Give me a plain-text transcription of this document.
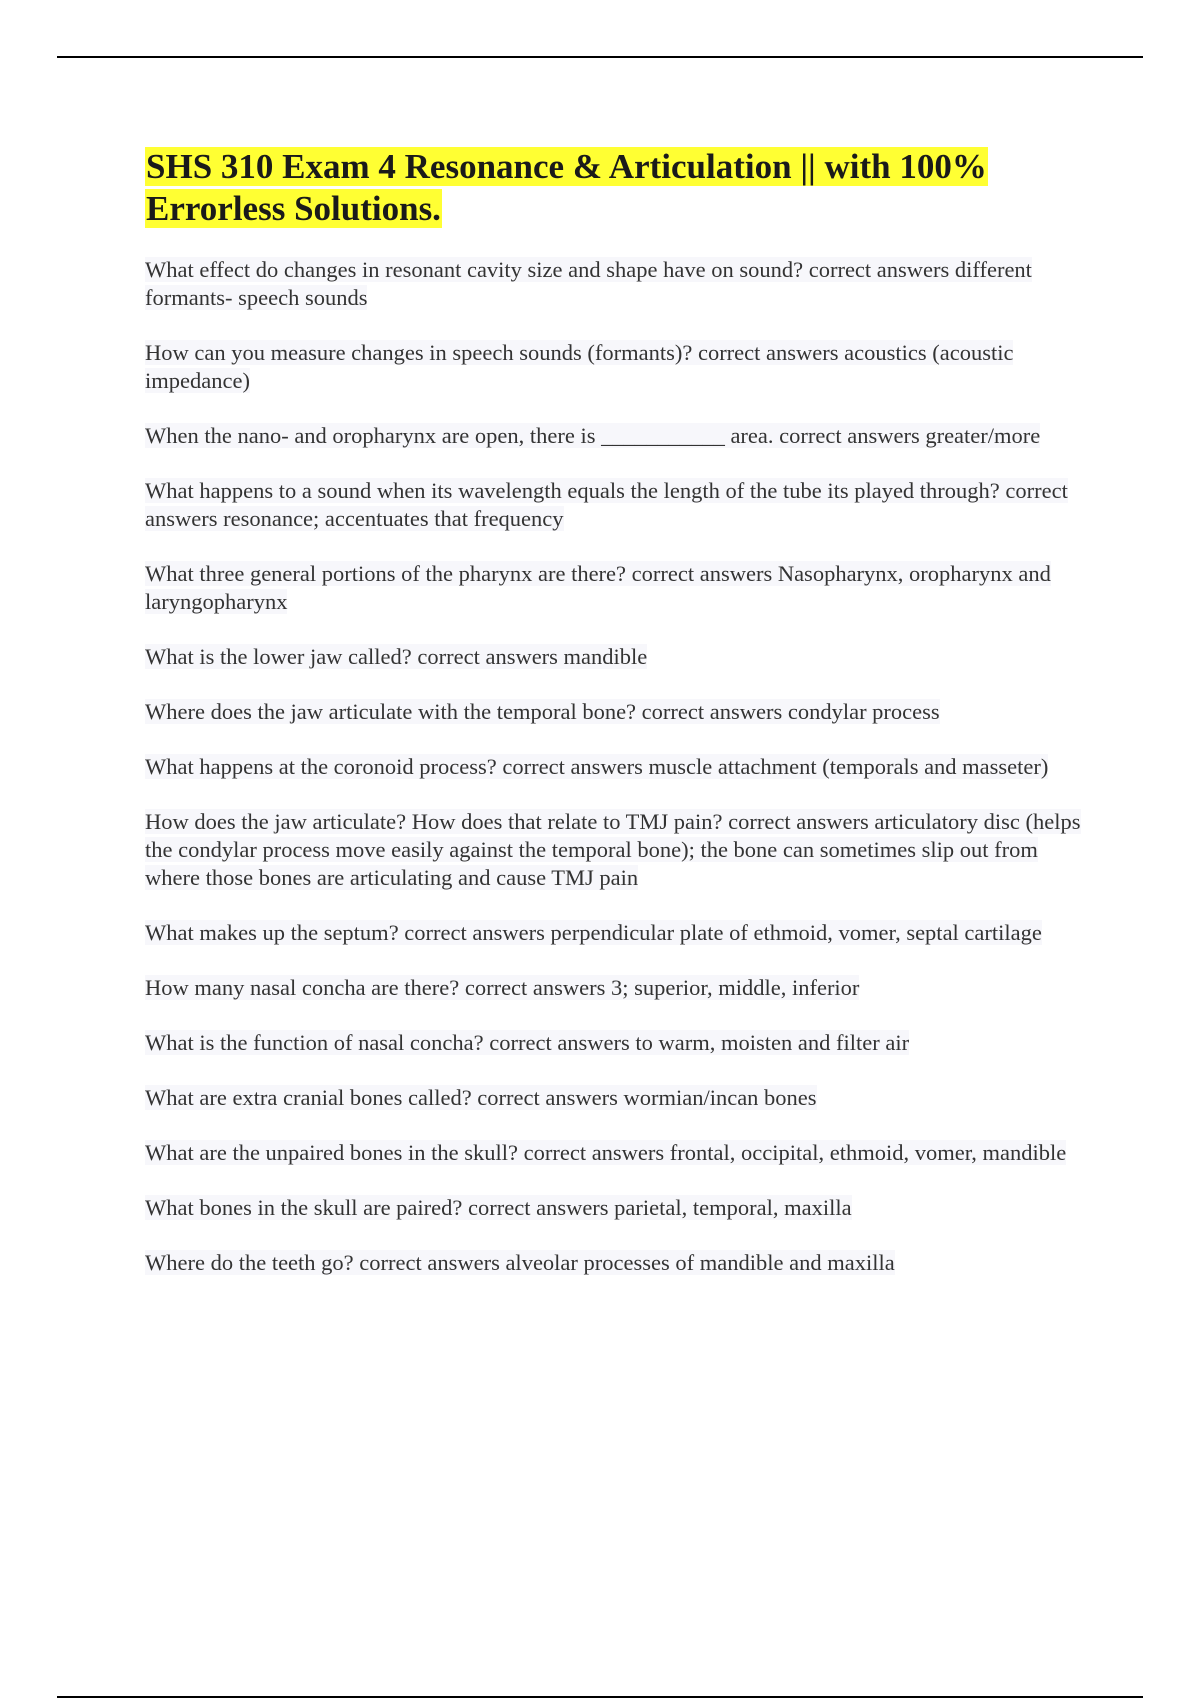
SHS 310 Exam 4 Resonance & Articulation || with 100% Errorless Solutions.

What effect do changes in resonant cavity size and shape have on sound? correct answers different formants- speech sounds

How can you measure changes in speech sounds (formants)? correct answers acoustics (acoustic impedance)

When the nano- and oropharynx are open, there is ___________ area. correct answers greater/more

What happens to a sound when its wavelength equals the length of the tube its played through? correct answers resonance; accentuates that frequency

What three general portions of the pharynx are there? correct answers Nasopharynx, oropharynx and laryngopharynx

What is the lower jaw called? correct answers mandible

Where does the jaw articulate with the temporal bone? correct answers condylar process

What happens at the coronoid process? correct answers muscle attachment (temporals and masseter)

How does the jaw articulate? How does that relate to TMJ pain? correct answers articulatory disc (helps the condylar process move easily against the temporal bone); the bone can sometimes slip out from where those bones are articulating and cause TMJ pain

What makes up the septum? correct answers perpendicular plate of ethmoid, vomer, septal cartilage

How many nasal concha are there? correct answers 3; superior, middle, inferior

What is the function of nasal concha? correct answers to warm, moisten and filter air

What are extra cranial bones called? correct answers wormian/incan bones

What are the unpaired bones in the skull? correct answers frontal, occipital, ethmoid, vomer, mandible

What bones in the skull are paired? correct answers parietal, temporal, maxilla

Where do the teeth go? correct answers alveolar processes of mandible and maxilla
